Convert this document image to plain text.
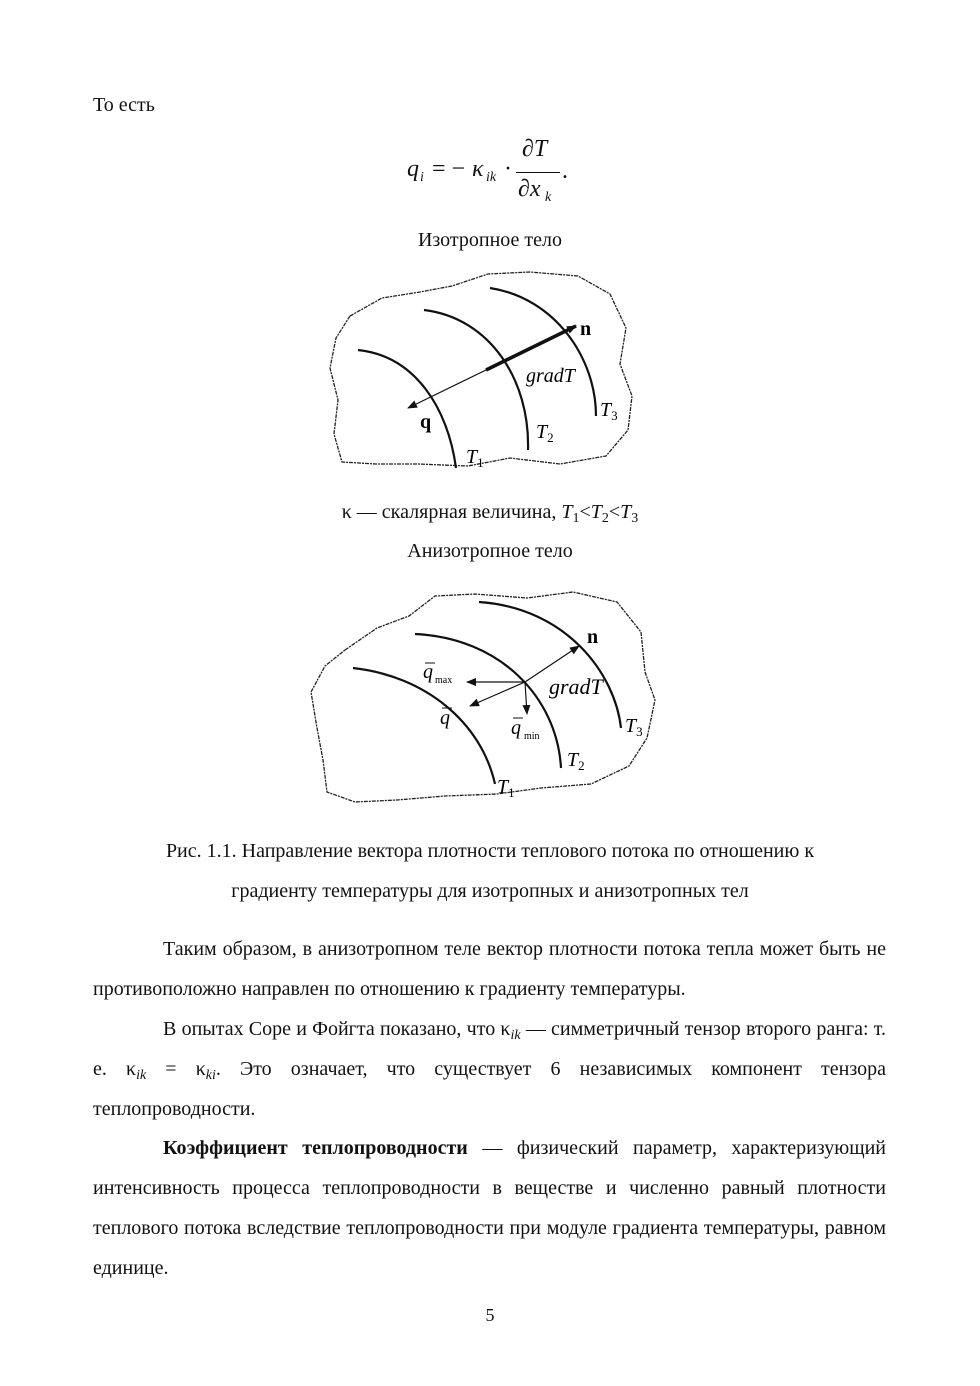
То есть
q i = − κ ik ·
∂T
∂x k
.
Изотропное тело
n
gradT
q
$T_1$
$T_2$
$T_3$
κ — скалярная величина, $T_1<T_2<T_3$
Анизотропное тело
n
gradT
q max
q	q min
$T_1$
$T_2$
$T_3$
Рис. 1.1. Направление вектора плотности теплового потока по отношению к
градиенту температуры для изотропных и анизотропных тел
Таким образом, в анизотропном теле вектор плотности потока тепла может быть не противоположно направлен по отношению к градиенту температуры.
В опытах Соре и Фойгта показано, что $\kappa_{ik}$ — симметричный тензор второго ранга: т. е. $\kappa_{ik} = \kappa_{ki}$. Это означает, что существует 6 независимых компонент тензора теплопроводности.
Коэффициент теплопроводности — физический параметр, характеризующий интенсивность процесса теплопроводности в веществе и численно равный плотности теплового потока вследствие теплопроводности при модуле градиента температуры, равном единице.
5
